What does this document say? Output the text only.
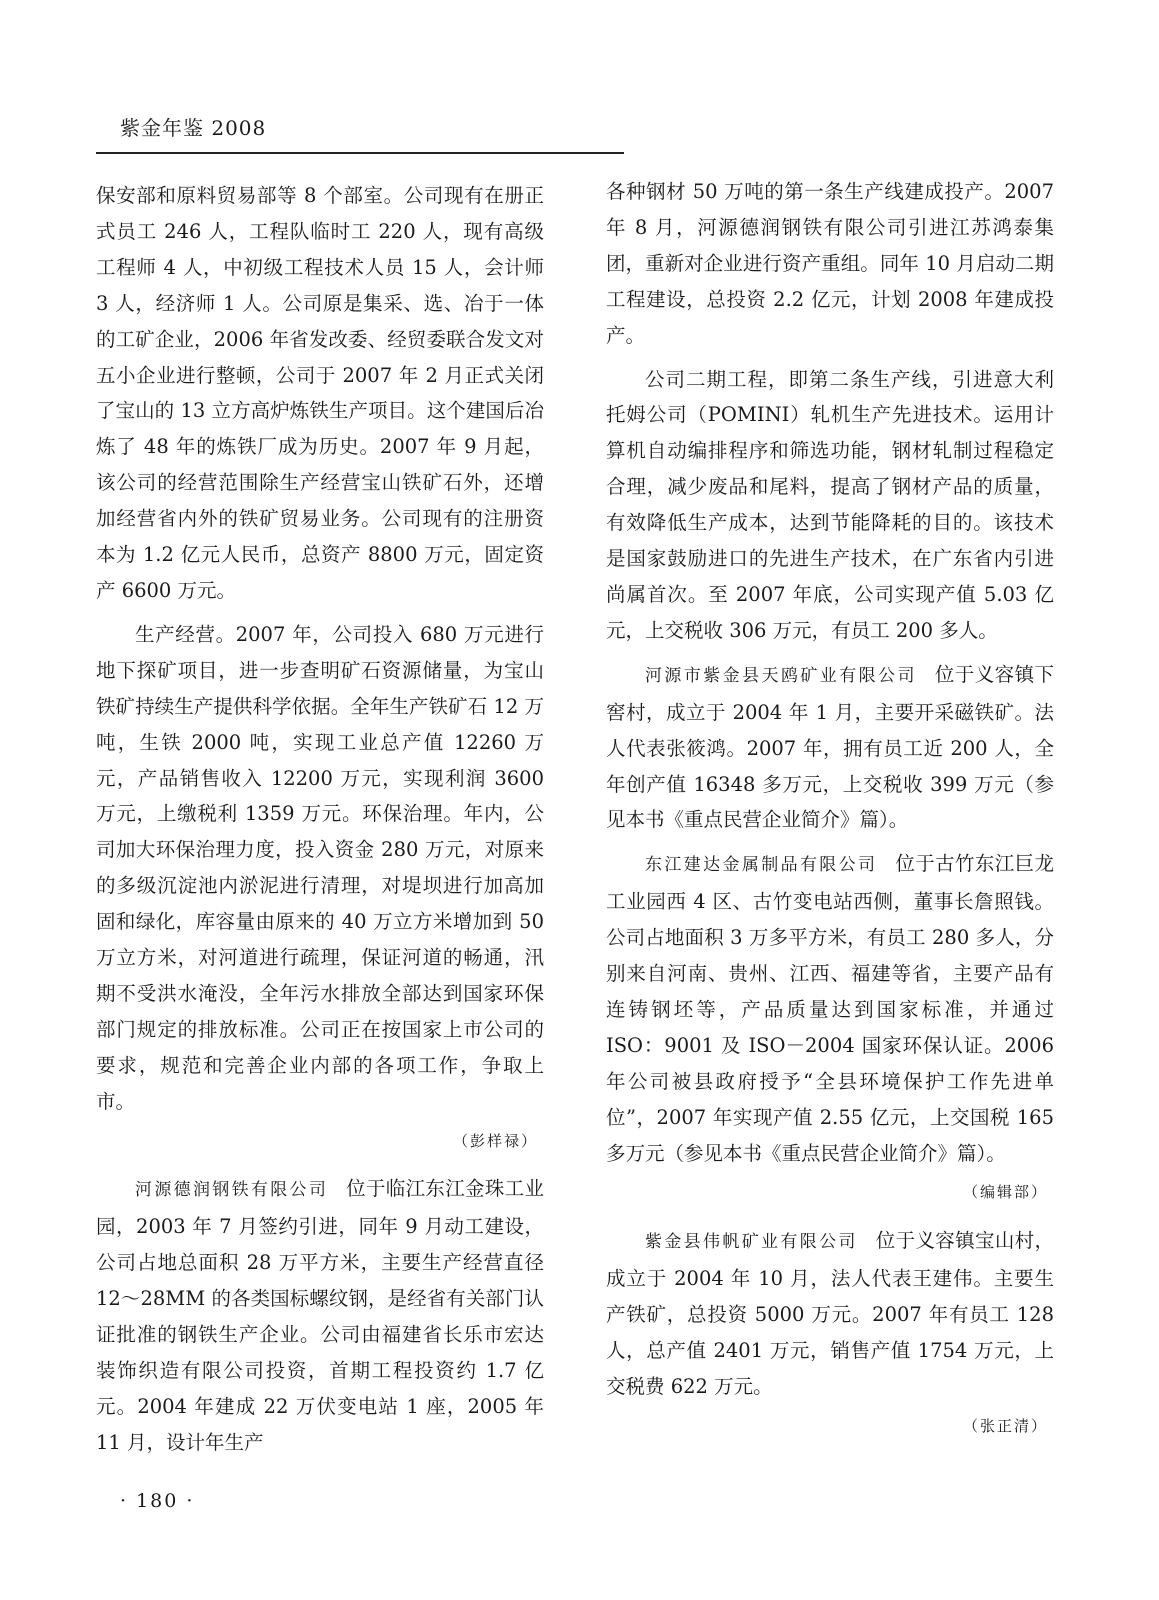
紫金年鉴 2008

保安部和原料贸易部等 8 个部室。公司现有在册正式员工 246 人，工程队临时工 220 人，现有高级工程师 4 人，中初级工程技术人员 15 人，会计师 3 人，经济师 1 人。公司原是集采、选、冶于一体的工矿企业，2006 年省发改委、经贸委联合发文对五小企业进行整顿，公司于 2007 年 2 月正式关闭了宝山的 13 立方高炉炼铁生产项目。这个建国后冶炼了 48 年的炼铁厂成为历史。2007 年 9 月起，该公司的经营范围除生产经营宝山铁矿石外，还增加经营省内外的铁矿贸易业务。公司现有的注册资本为 1.2 亿元人民币，总资产 8800 万元，固定资产 6600 万元。

生产经营。2007 年，公司投入 680 万元进行地下探矿项目，进一步查明矿石资源储量，为宝山铁矿持续生产提供科学依据。全年生产铁矿石 12 万吨，生铁 2000 吨，实现工业总产值 12260 万元，产品销售收入 12200 万元，实现利润 3600 万元，上缴税利 1359 万元。环保治理。年内，公司加大环保治理力度，投入资金 280 万元，对原来的多级沉淀池内淤泥进行清理，对堤坝进行加高加固和绿化，库容量由原来的 40 万立方米增加到 50 万立方米，对河道进行疏理，保证河道的畅通，汛期不受洪水淹没，全年污水排放全部达到国家环保部门规定的排放标准。公司正在按国家上市公司的要求，规范和完善企业内部的各项工作，争取上市。

（彭样禄）

河源德润钢铁有限公司 位于临江东江金珠工业园，2003 年 7 月签约引进，同年 9 月动工建设，公司占地总面积 28 万平方米，主要生产经营直径 12～28MM 的各类国标螺纹钢，是经省有关部门认证批准的钢铁生产企业。公司由福建省长乐市宏达装饰织造有限公司投资，首期工程投资约 1.7 亿元。2004 年建成 22 万伏变电站 1 座，2005 年 11 月，设计年生产

各种钢材 50 万吨的第一条生产线建成投产。2007 年 8 月，河源德润钢铁有限公司引进江苏鸿泰集团，重新对企业进行资产重组。同年 10 月启动二期工程建设，总投资 2.2 亿元，计划 2008 年建成投产。

公司二期工程，即第二条生产线，引进意大利托姆公司（POMINI）轧机生产先进技术。运用计算机自动编排程序和筛选功能，钢材轧制过程稳定合理，减少废品和尾料，提高了钢材产品的质量，有效降低生产成本，达到节能降耗的目的。该技术是国家鼓励进口的先进生产技术，在广东省内引进尚属首次。至 2007 年底，公司实现产值 5.03 亿元，上交税收 306 万元，有员工 200 多人。

河源市紫金县天鸥矿业有限公司 位于义容镇下窖村，成立于 2004 年 1 月，主要开采磁铁矿。法人代表张筱鸿。2007 年，拥有员工近 200 人，全年创产值 16348 多万元，上交税收 399 万元（参见本书《重点民营企业简介》篇）。

东江建达金属制品有限公司 位于古竹东江巨龙工业园西 4 区、古竹变电站西侧，董事长詹照钱。公司占地面积 3 万多平方米，有员工 280 多人，分别来自河南、贵州、江西、福建等省，主要产品有连铸钢坯等，产品质量达到国家标准，并通过 ISO：9001 及 ISO－2004 国家环保认证。2006 年公司被县政府授予“全县环境保护工作先进单位”，2007 年实现产值 2.55 亿元，上交国税 165 多万元（参见本书《重点民营企业简介》篇）。

（编辑部）

紫金县伟帆矿业有限公司 位于义容镇宝山村，成立于 2004 年 10 月，法人代表王建伟。主要生产铁矿，总投资 5000 万元。2007 年有员工 128 人，总产值 2401 万元，销售产值 1754 万元，上交税费 622 万元。

（张正清）
· 180 ·
